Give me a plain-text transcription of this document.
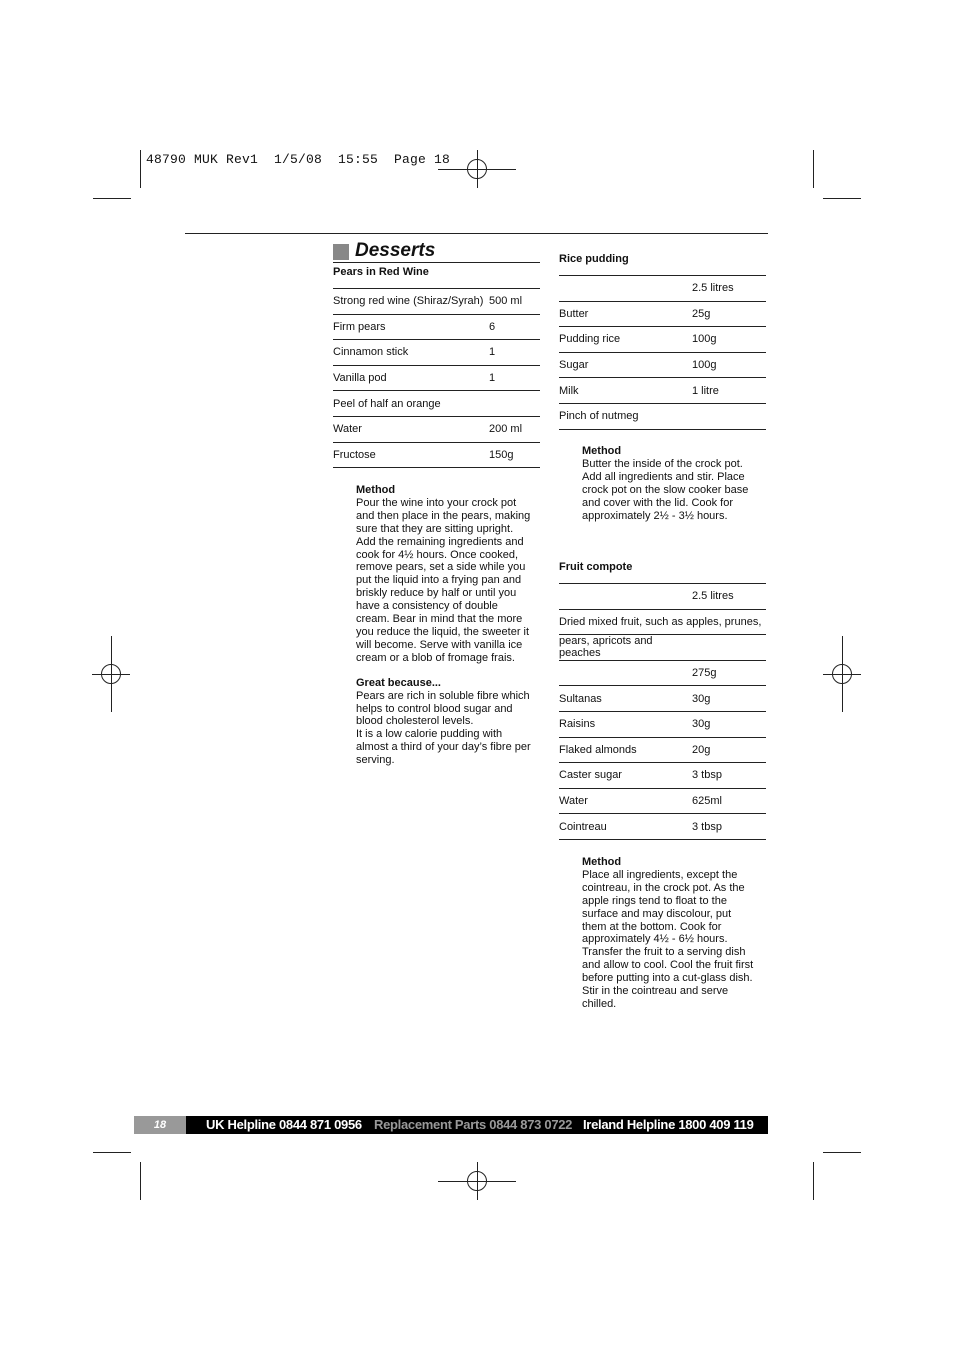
48790 MUK Rev1  1/5/08  15:55  Page 18
Desserts
Pears in Red Wine
Strong red wine (Shiraz/Syrah)	500 ml
Firm pears	6
Cinnamon stick	1
Vanilla pod	1
Peel of half an orange	
Water	200 ml
Fructose	150g
Method
Pour the wine into your crock pot
and then place in the pears, making
sure that they are sitting upright.
Add the remaining ingredients and
cook for 4½ hours. Once cooked,
remove pears, set a side while you
put the liquid into a frying pan and
briskly reduce by half or until you
have a consistency of double
cream. Bear in mind that the more
you reduce the liquid, the sweeter it
will become. Serve with vanilla ice
cream or a blob of fromage frais.
Great because...
Pears are rich in soluble fibre which
helps to control blood sugar and
blood cholesterol levels.
It is a low calorie pudding with
almost a third of your day’s fibre per
serving.
Rice pudding
	2.5 litres
Butter	25g
Pudding rice	100g
Sugar	100g
Milk	1 litre
Pinch of nutmeg	
Method
Butter the inside of the crock pot.
Add all ingredients and stir. Place
crock pot on the slow cooker base
and cover with the lid. Cook for
approximately 2½ - 3½ hours.
Fruit compote
	2.5 litres
Dried mixed fruit, such as apples, prunes,	
pears, apricots and peaches	
	275g
Sultanas	30g
Raisins	30g
Flaked almonds	20g
Caster sugar	3 tbsp
Water	625ml
Cointreau	3 tbsp
Method
Place all ingredients, except the
cointreau, in the crock pot. As the
apple rings tend to float to the
surface and may discolour, put
them at the bottom. Cook for
approximately 4½ - 6½ hours.
Transfer the fruit to a serving dish
and allow to cool. Cool the fruit first
before putting into a cut-glass dish.
Stir in the cointreau and serve
chilled.
18	UK Helpline 0844 871 0956 Replacement Parts 0844 873 0722 Ireland Helpline 1800 409 119
